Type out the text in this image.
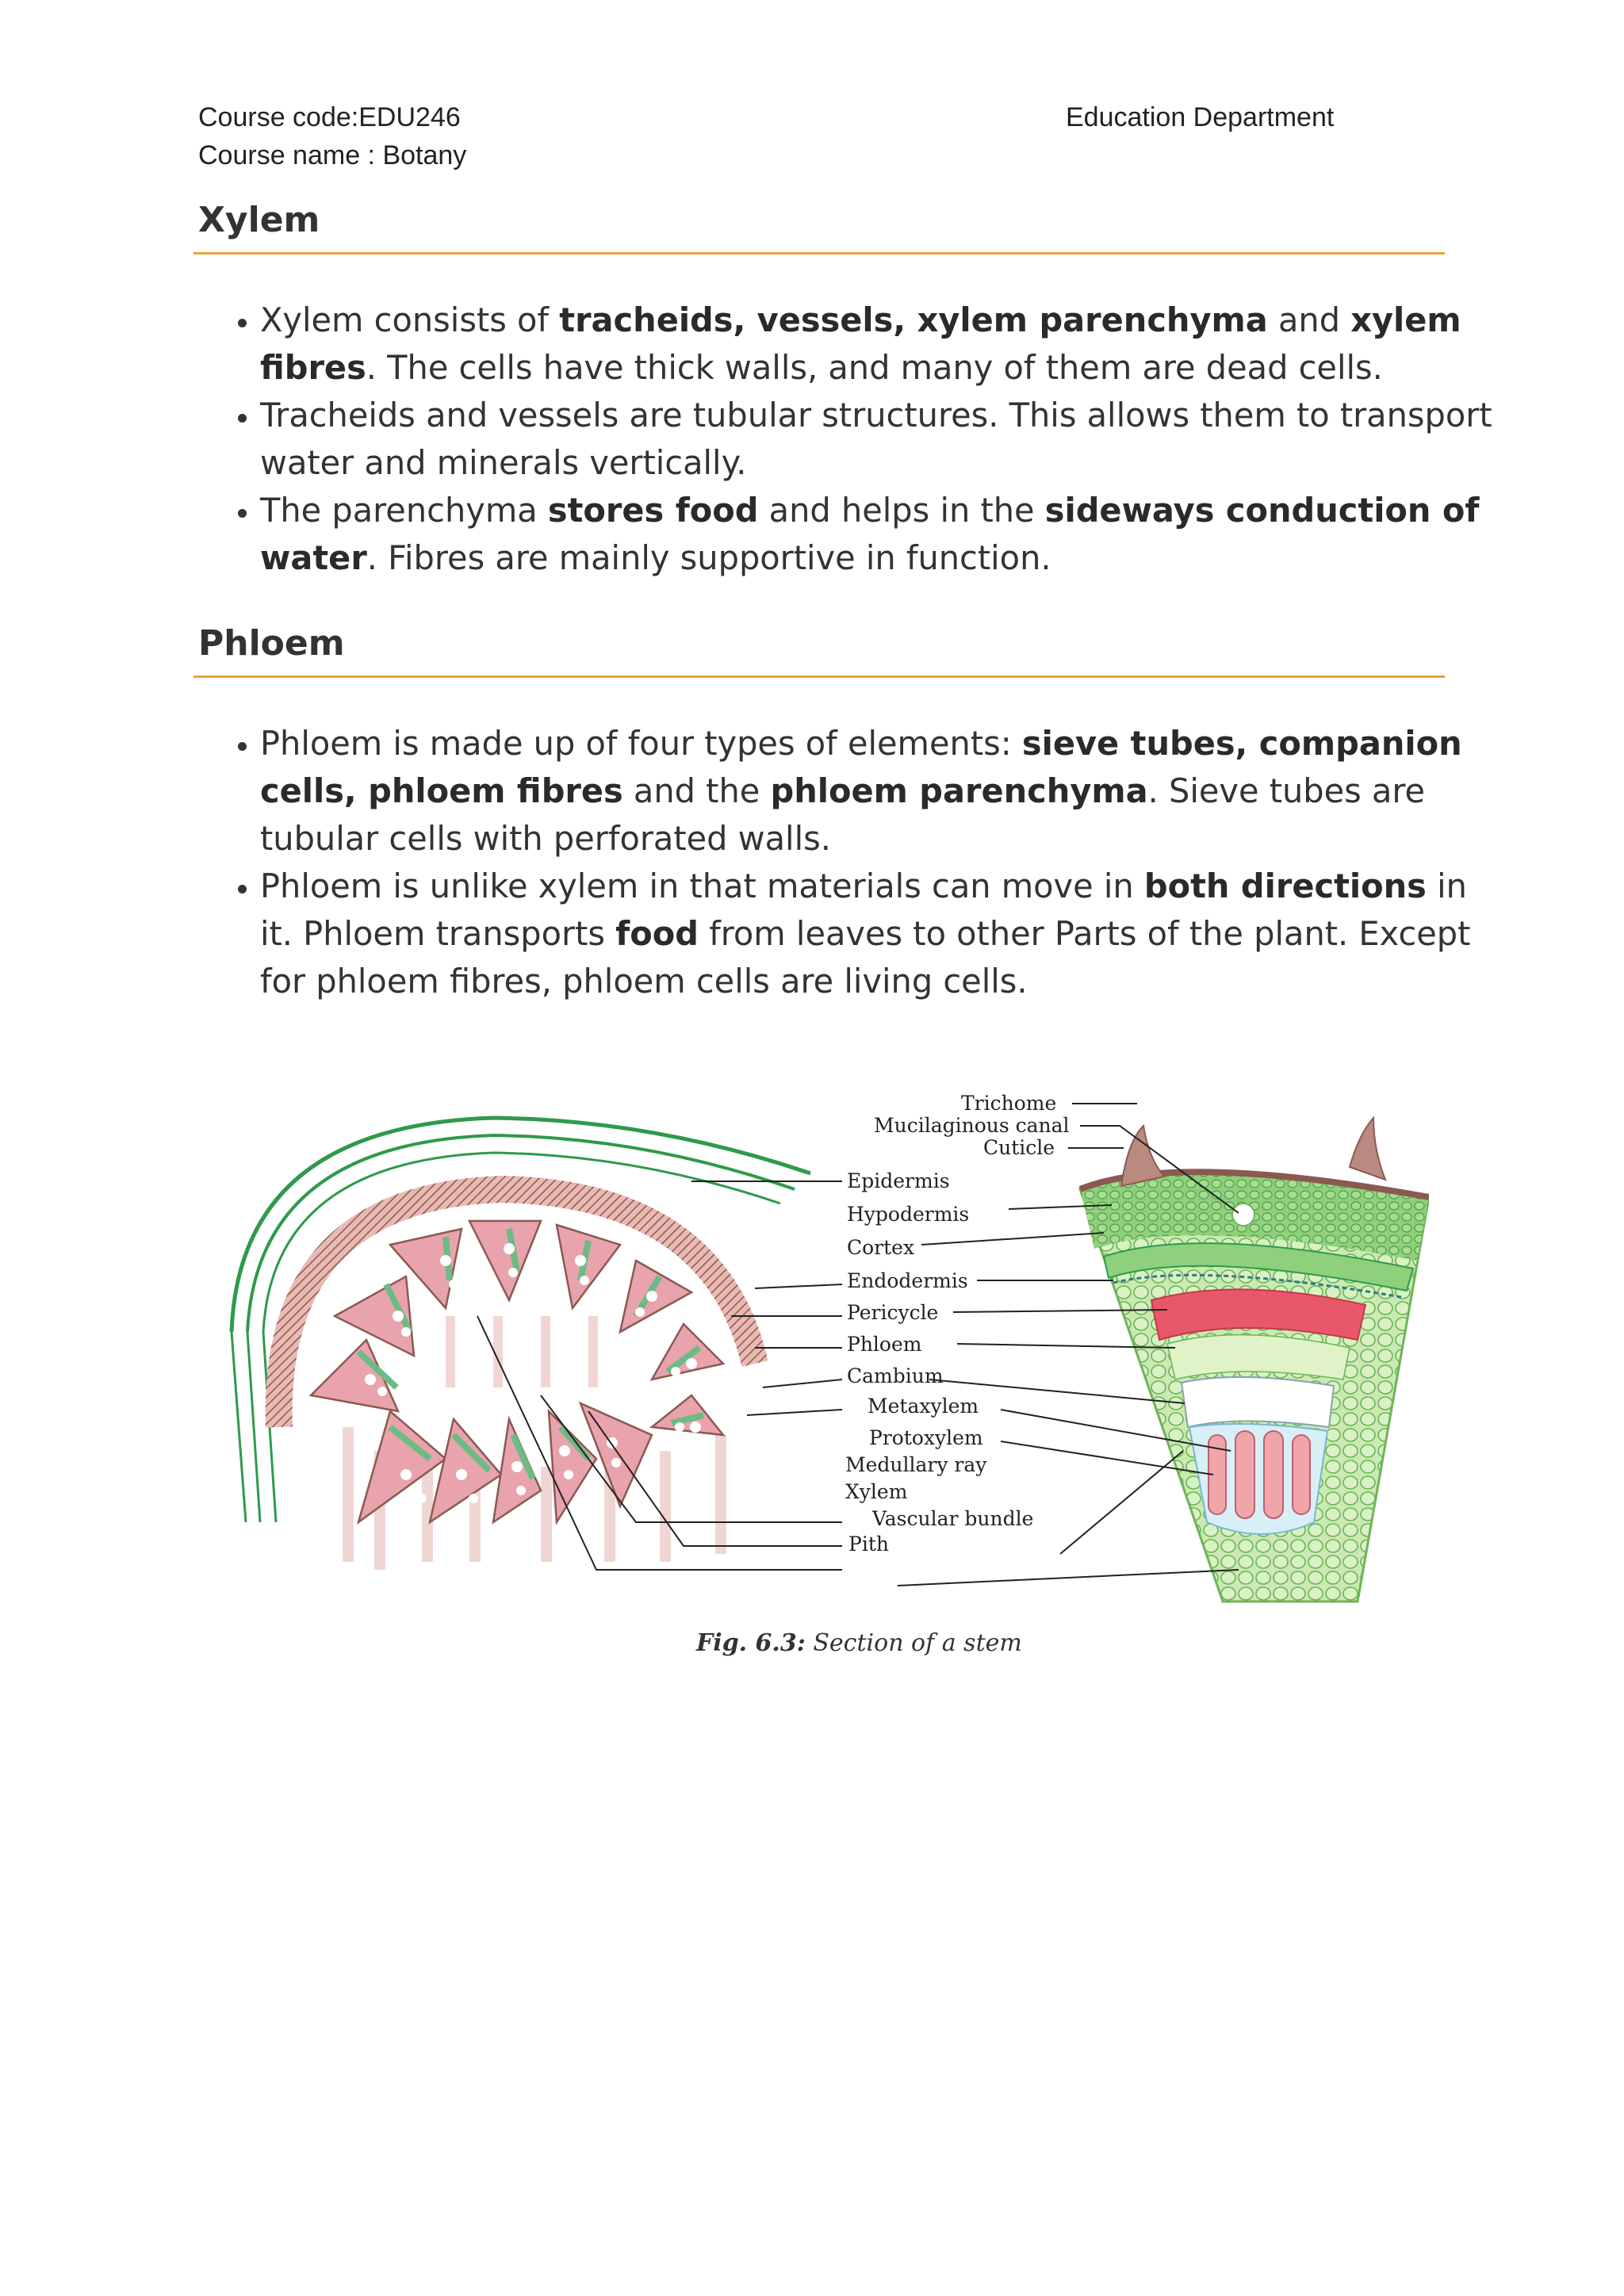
Course code:EDU246
Course name : Botany
Education Department
Xylem
• Xylem consists of tracheids, vessels, xylem parenchyma and xylem fibres. The cells have thick walls, and many of them are dead cells.
• Tracheids and vessels are tubular structures. This allows them to transport water and minerals vertically.
• The parenchyma stores food and helps in the sideways conduction of water. Fibres are mainly supportive in function.
Phloem
• Phloem is made up of four types of elements: sieve tubes, companion cells, phloem fibres and the phloem parenchyma. Sieve tubes are tubular cells with perforated walls.
• Phloem is unlike xylem in that materials can move in both directions in it. Phloem transports food from leaves to other Parts of the plant. Except for phloem fibres, phloem cells are living cells.
Trichome
Mucilaginous canal
Cuticle
Epidermis
Hypodermis
Cortex
Endodermis
Pericycle
Phloem
Cambium
Metaxylem
Protoxylem
Medullary ray
Xylem
Vascular bundle
Pith
Fig. 6.3: Section of a stem
